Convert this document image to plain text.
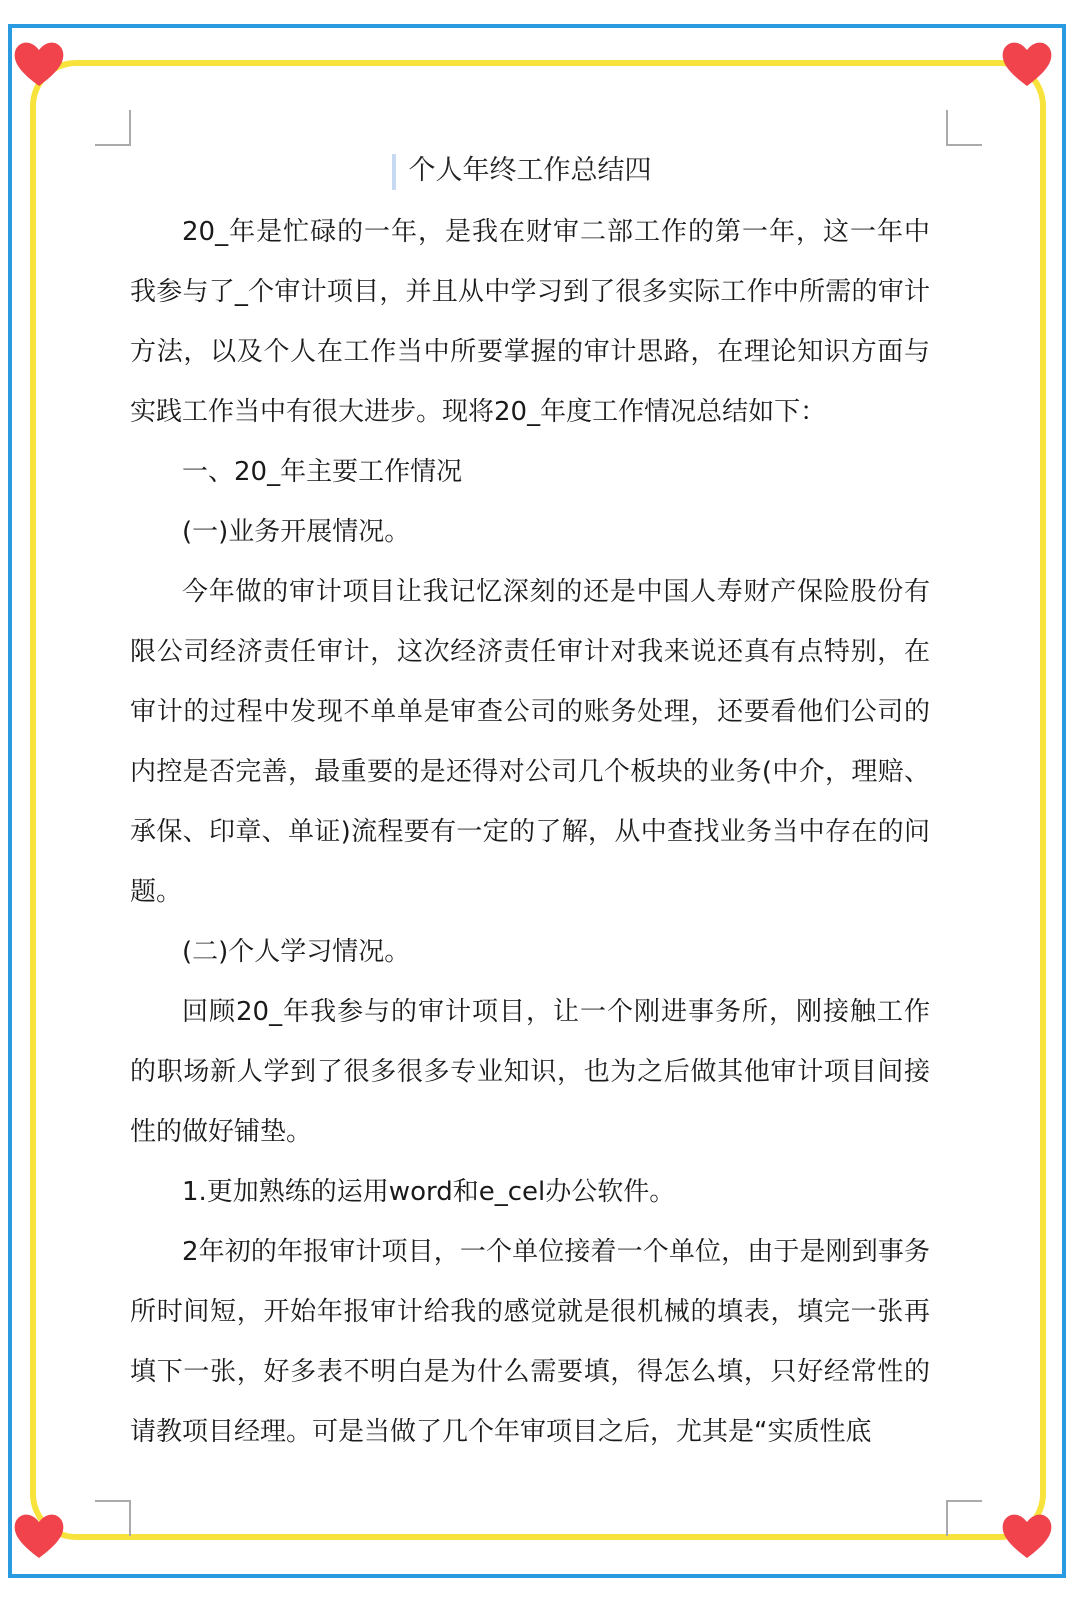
个人年终工作总结四

20_年是忙碌的一年，是我在财审二部工作的第一年，这一年中我参与了_个审计项目，并且从中学习到了很多实际工作中所需的审计方法，以及个人在工作当中所要掌握的审计思路，在理论知识方面与实践工作当中有很大进步。现将20_年度工作情况总结如下：

一、20_年主要工作情况

(一)业务开展情况。

今年做的审计项目让我记忆深刻的还是中国人寿财产保险股份有限公司经济责任审计，这次经济责任审计对我来说还真有点特别，在审计的过程中发现不单单是审查公司的账务处理，还要看他们公司的内控是否完善，最重要的是还得对公司几个板块的业务(中介，理赔、承保、印章、单证)流程要有一定的了解，从中查找业务当中存在的问题。

(二)个人学习情况。

回顾20_年我参与的审计项目，让一个刚进事务所，刚接触工作的职场新人学到了很多很多专业知识，也为之后做其他审计项目间接性的做好铺垫。

1.更加熟练的运用word和e_cel办公软件。

2年初的年报审计项目，一个单位接着一个单位，由于是刚到事务所时间短，开始年报审计给我的感觉就是很机械的填表，填完一张再填下一张，好多表不明白是为什么需要填，得怎么填，只好经常性的请教项目经理。可是当做了几个年审项目之后，尤其是“实质性底
